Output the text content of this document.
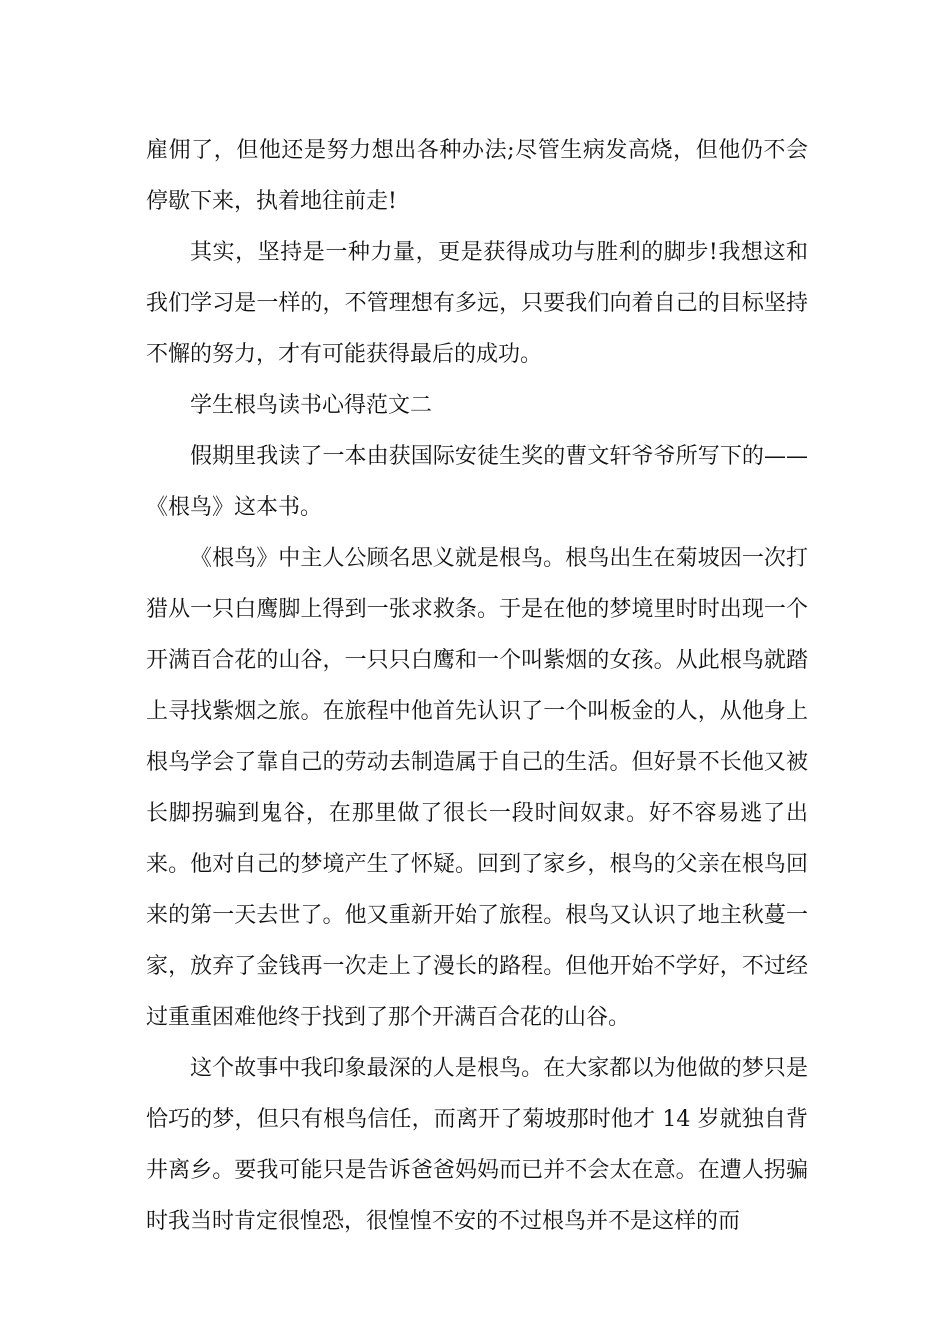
雇佣了，但他还是努力想出各种办法;尽管生病发高烧，但他仍不会停歇下来，执着地往前走!

其实，坚持是一种力量，更是获得成功与胜利的脚步!我想这和我们学习是一样的，不管理想有多远，只要我们向着自己的目标坚持不懈的努力，才有可能获得最后的成功。

学生根鸟读书心得范文二

假期里我读了一本由获国际安徒生奖的曹文轩爷爷所写下的——《根鸟》这本书。

《根鸟》中主人公顾名思义就是根鸟。根鸟出生在菊坡因一次打猎从一只白鹰脚上得到一张求救条。于是在他的梦境里时时出现一个开满百合花的山谷，一只只白鹰和一个叫紫烟的女孩。从此根鸟就踏上寻找紫烟之旅。在旅程中他首先认识了一个叫板金的人，从他身上根鸟学会了靠自己的劳动去制造属于自己的生活。但好景不长他又被长脚拐骗到鬼谷，在那里做了很长一段时间奴隶。好不容易逃了出来。他对自己的梦境产生了怀疑。回到了家乡，根鸟的父亲在根鸟回来的第一天去世了。他又重新开始了旅程。根鸟又认识了地主秋蔓一家，放弃了金钱再一次走上了漫长的路程。但他开始不学好，不过经过重重困难他终于找到了那个开满百合花的山谷。

这个故事中我印象最深的人是根鸟。在大家都以为他做的梦只是恰巧的梦，但只有根鸟信任，而离开了菊坡那时他才 14 岁就独自背井离乡。要我可能只是告诉爸爸妈妈而已并不会太在意。在遭人拐骗时我当时肯定很惶恐，很惶惶不安的不过根鸟并不是这样的而
